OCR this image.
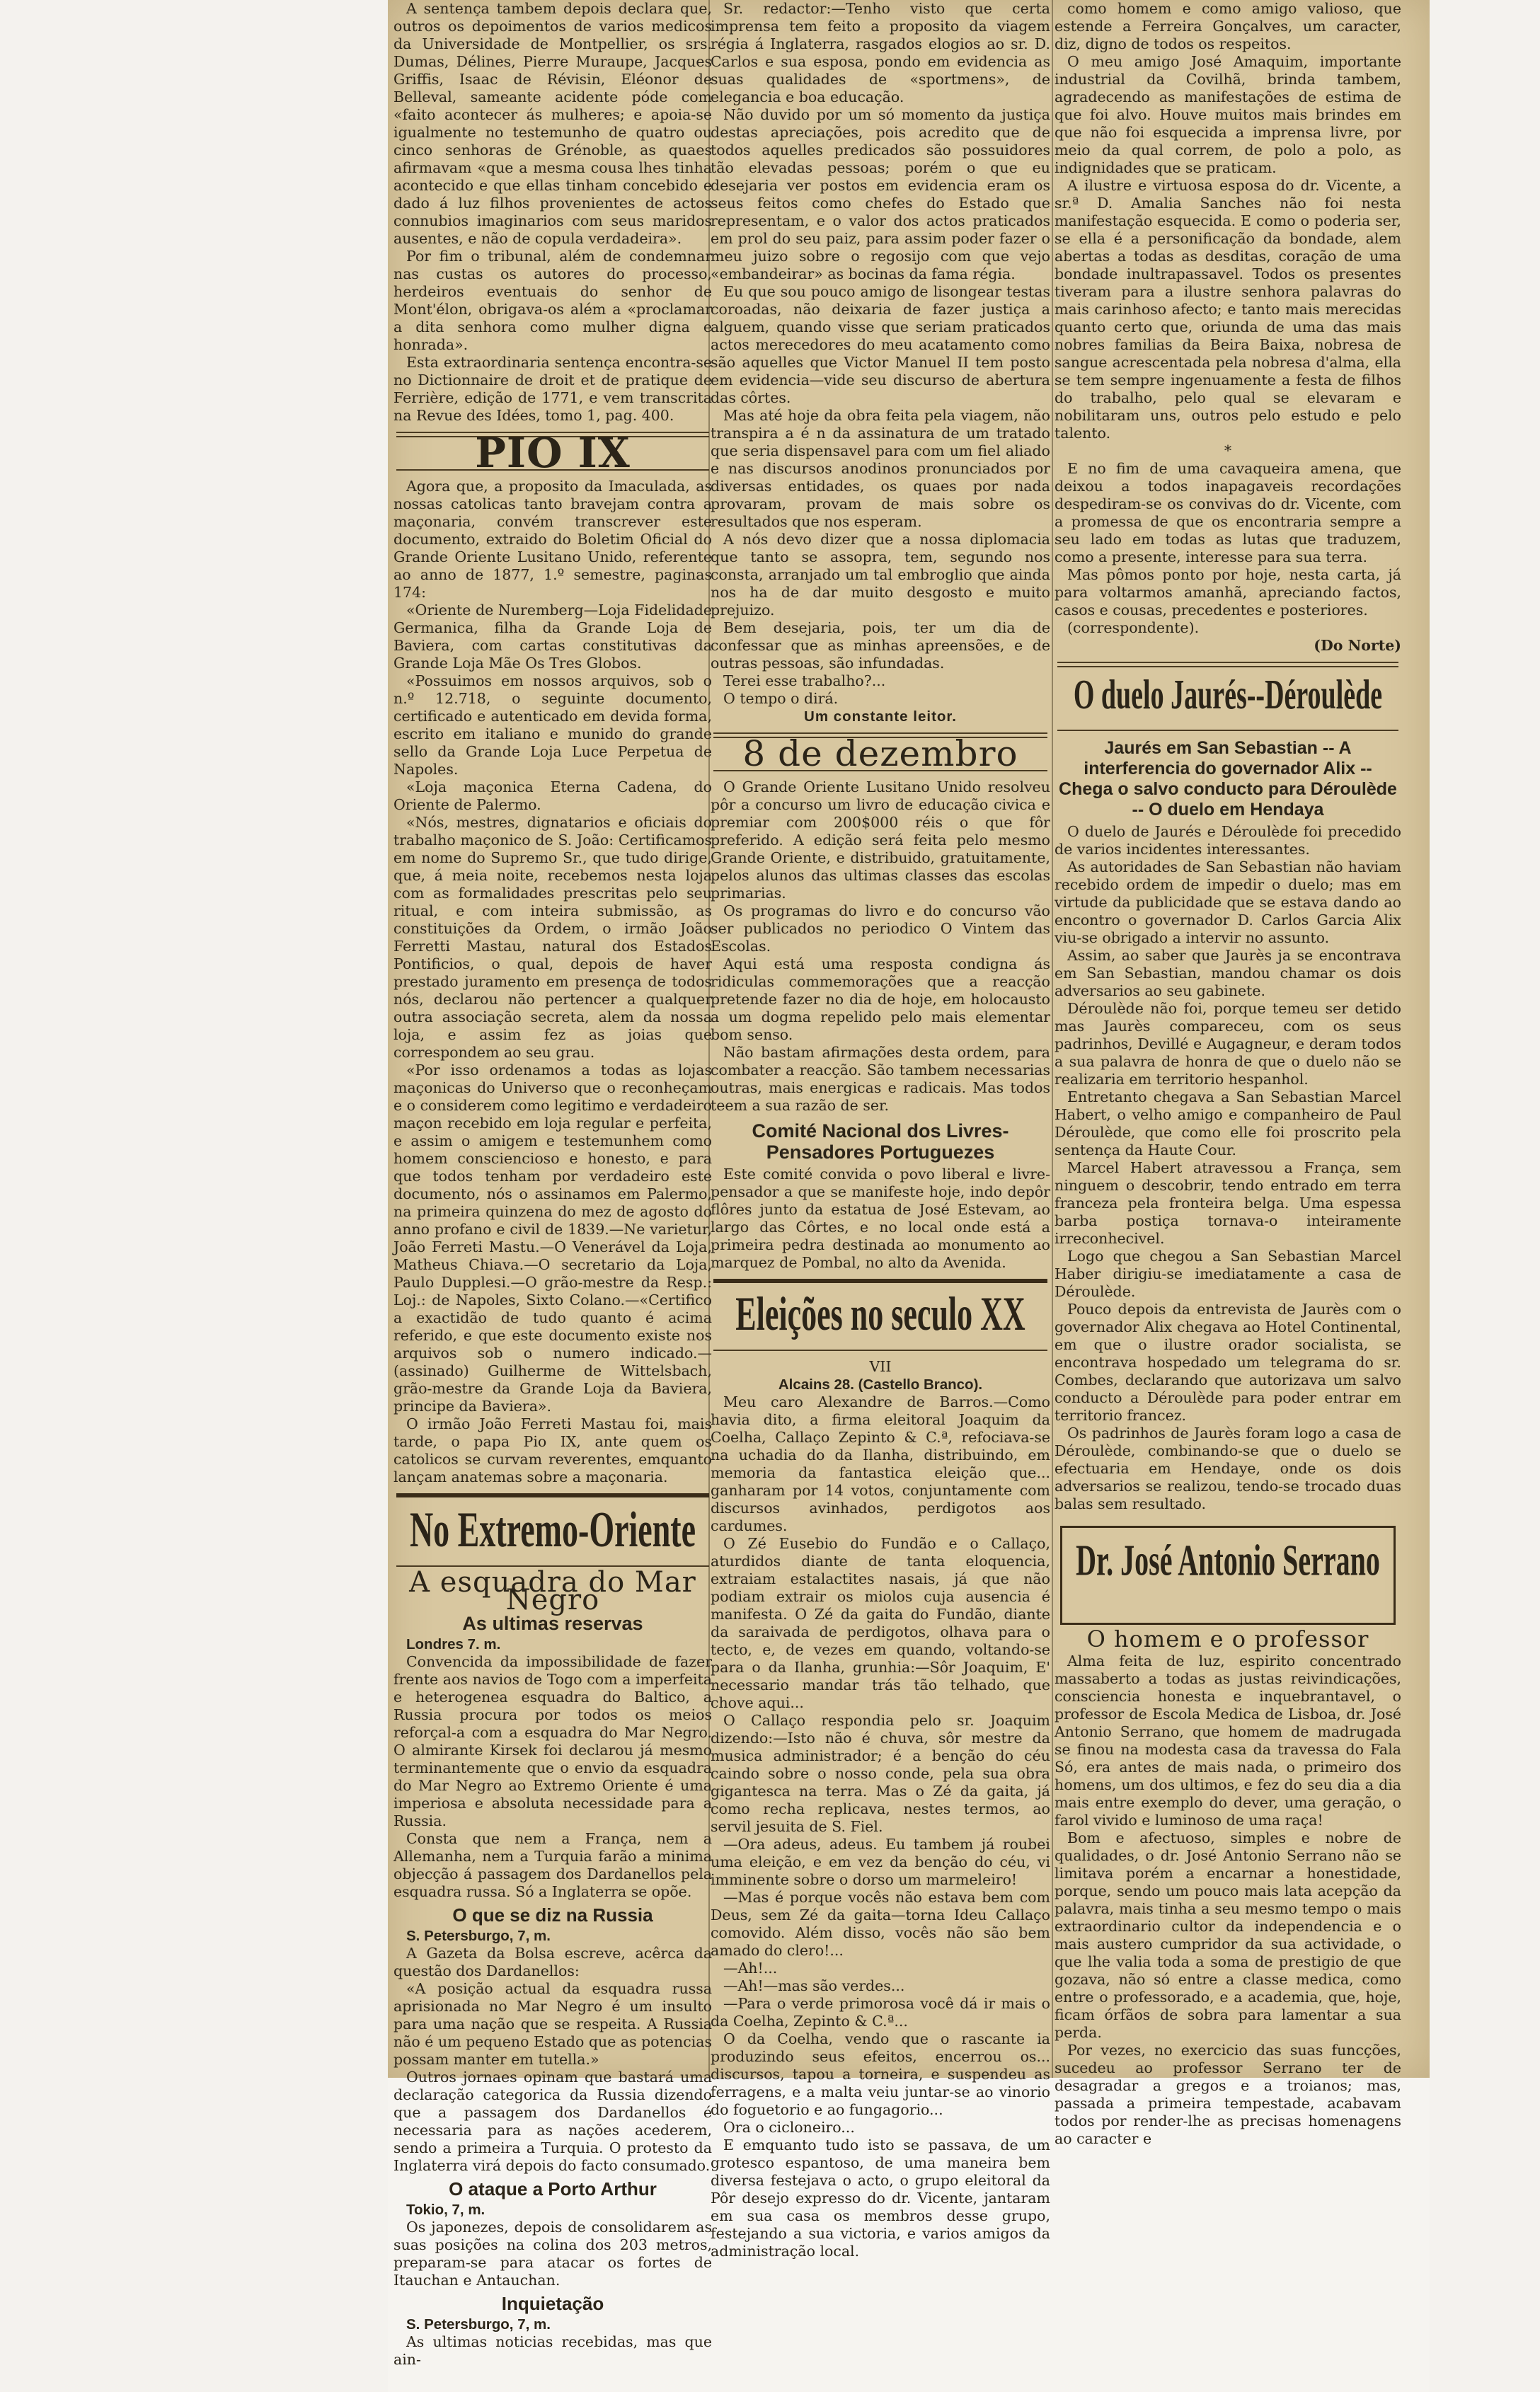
A sentença tambem depois declara que, outros os depoimentos de varios medicos da Universidade de Montpellier, os srs. Dumas, Délines, Pierre Muraupe, Jacques Griffis, Isaac de Révisin, Eléonor de Belleval, sameante acidente póde com «faito acontecer ás mulheres; e apoia-se igualmente no testemunho de quatro ou cinco senhoras de Grénoble, as quaes afirmavam «que a mesma cousa lhes tinha acontecido e que ellas tinham concebido e dado á luz filhos provenientes de actos connubios imaginarios com seus maridos ausentes, e não de copula verdadeira».

Por fim o tribunal, além de condemnar nas custas os autores do processo, herdeiros eventuais do senhor de Mont'élon, obrigava-os além a «proclamar a dita senhora como mulher digna e honrada».

Esta extraordinaria sentença encontra-se no Dictionnaire de droit et de pratique de Ferrière, edição de 1771, e vem transcrita na Revue des Idées, tomo 1, pag. 400.

PIO IX

Agora que, a proposito da Imaculada, as nossas catolicas tanto bravejam contra a maçonaria, convém transcrever este documento, extraido do Boletim Oficial do Grande Oriente Lusitano Unido, referente ao anno de 1877, 1.º semestre, paginas 174:

«Oriente de Nuremberg—Loja Fidelidade Germanica, filha da Grande Loja de Baviera, com cartas constitutivas da Grande Loja Mãe Os Tres Globos.

«Possuimos em nossos arquivos, sob o n.º 12.718, o seguinte documento, certificado e autenticado em devida forma, escrito em italiano e munido do grande sello da Grande Loja Luce Perpetua de Napoles.

«Loja maçonica Eterna Cadena, do Oriente de Palermo.

«Nós, mestres, dignatarios e oficiais do trabalho maçonico de S. João: Certificamos em nome do Supremo Sr., que tudo dirige, que, á meia noite, recebemos nesta loja com as formalidades prescritas pelo seu ritual, e com inteira submissão, as constituições da Ordem, o irmão João Ferretti Mastau, natural dos Estados Pontificios, o qual, depois de haver prestado juramento em presença de todos nós, declarou não pertencer a qualquer outra associação secreta, alem da nossa loja, e assim fez as joias que correspondem ao seu grau.

«Por isso ordenamos a todas as lojas maçonicas do Universo que o reconheçam e o considerem como legitimo e verdadeiro maçon recebido em loja regular e perfeita, e assim o amigem e testemunhem como homem consciencioso e honesto, e para que todos tenham por verdadeiro este documento, nós o assinamos em Palermo, na primeira quinzena do mez de agosto do anno profano e civil de 1839.—Ne varietur, João Ferreti Mastu.—O Venerável da Loja, Matheus Chiava.—O secretario da Loja, Paulo Dupplesi.—O grão-mestre da Resp.: Loj.: de Napoles, Sixto Colano.—«Certifico a exactidão de tudo quanto é acima referido, e que este documento existe nos arquivos sob o numero indicado.—(assinado) Guilherme de Wittelsbach, grão-mestre da Grande Loja da Baviera, principe da Baviera».

O irmão João Ferreti Mastau foi, mais tarde, o papa Pio IX, ante quem os catolicos se curvam reverentes, emquanto lançam anatemas sobre a maçonaria.

No Extremo-Oriente
A esquadra do Mar Negro
As ultimas reservas

Londres 7. m.

Convencida da impossibilidade de fazer frente aos navios de Togo com a imperfeita e heterogenea esquadra do Baltico, a Russia procura por todos os meios reforçal-a com a esquadra do Mar Negro. O almirante Kirsek foi declarou já mesmo terminantemente que o envio da esquadra do Mar Negro ao Extremo Oriente é uma imperiosa e absoluta necessidade para a Russia.

Consta que nem a França, nem a Allemanha, nem a Turquia farão a minima objecção á passagem dos Dardanellos pela esquadra russa. Só a Inglaterra se opõe.

O que se diz na Russia

S. Petersburgo, 7, m.

A Gazeta da Bolsa escreve, acêrca da questão dos Dardanellos:

«A posição actual da esquadra russa aprisionada no Mar Negro é um insulto para uma nação que se respeita. A Russia não é um pequeno Estado que as potencias possam manter em tutella.»

Outros jornaes opinam que bastará uma declaração categorica da Russia dizendo que a passagem dos Dardanellos é necessaria para as nações acederem, sendo a primeira a Turquia. O protesto da Inglaterra virá depois do facto consumado.

O ataque a Porto Arthur

Tokio, 7, m.

Os japonezes, depois de consolidarem as suas posições na colina dos 203 metros, preparam-se para atacar os fortes de Itauchan e Antauchan.

Inquietação

S. Petersburgo, 7, m.

As ultimas noticias recebidas, mas que ain-

Sr. redactor:—Tenho visto que certa imprensa tem feito a proposito da viagem régia á Inglaterra, rasgados elogios ao sr. D. Carlos e sua esposa, pondo em evidencia as suas qualidades de «sportmens», de elegancia e boa educação.

Não duvido por um só momento da justiça destas apreciações, pois acredito que de todos aquelles predicados são possuidores tão elevadas pessoas; porém o que eu desejaria ver postos em evidencia eram os seus feitos como chefes do Estado que representam, e o valor dos actos praticados em prol do seu paiz, para assim poder fazer o meu juizo sobre o regosijo com que vejo «embandeirar» as bocinas da fama régia.

Eu que sou pouco amigo de lisongear testas coroadas, não deixaria de fazer justiça a alguem, quando visse que seriam praticados actos merecedores do meu acatamento como são aquelles que Victor Manuel II tem posto em evidencia—vide seu discurso de abertura das côrtes.

Mas até hoje da obra feita pela viagem, não transpira a é n da assinatura de um tratado que seria dispensavel para com um fiel aliado e nas discursos anodinos pronunciados por diversas entidades, os quaes por nada provaram, provam de mais sobre os resultados que nos esperam.

A nós devo dizer que a nossa diplomacia que tanto se assopra, tem, segundo nos consta, arranjado um tal embroglio que ainda nos ha de dar muito desgosto e muito prejuizo.

Bem desejaria, pois, ter um dia de confessar que as minhas apreensões, e de outras pessoas, são infundadas.

Terei esse trabalho?...

O tempo o dirá.

Um constante leitor.

8 de dezembro

O Grande Oriente Lusitano Unido resolveu pôr a concurso um livro de educação civica e premiar com 200$000 réis o que fôr preferido. A edição será feita pelo mesmo Grande Oriente, e distribuido, gratuitamente, pelos alunos das ultimas classes das escolas primarias.

Os programas do livro e do concurso vão ser publicados no periodico O Vintem das Escolas.

Aqui está uma resposta condigna ás ridiculas commemorações que a reacção pretende fazer no dia de hoje, em holocausto a um dogma repelido pelo mais elementar bom senso.

Não bastam afirmações desta ordem, para combater a reacção. São tambem necessarias outras, mais energicas e radicais. Mas todos teem a sua razão de ser.

Comité Nacional dos Livres-Pensadores Portuguezes

Este comité convida o povo liberal e livre-pensador a que se manifeste hoje, indo depôr flôres junto da estatua de José Estevam, ao largo das Côrtes, e no local onde está a primeira pedra destinada ao monumento ao marquez de Pombal, no alto da Avenida.

Eleições no seculo XX

VII

Alcains 28. (Castello Branco).

Meu caro Alexandre de Barros.—Como havia dito, a firma eleitoral Joaquim da Coelha, Callaço Zepinto & C.ª, refociava-se na uchadia do da Ilanha, distribuindo, em memoria da fantastica eleição que... ganharam por 14 votos, conjuntamente com discursos avinhados, perdigotos aos cardumes.

O Zé Eusebio do Fundão e o Callaço, aturdidos diante de tanta eloquencia, extraiam estalactites nasais, já que não podiam extrair os miolos cuja ausencia é manifesta. O Zé da gaita do Fundão, diante da saraivada de perdigotos, olhava para o tecto, e, de vezes em quando, voltando-se para o da Ilanha, grunhia:—Sôr Joaquim, E' necessario mandar trás tão telhado, que chove aqui...

O Callaço respondia pelo sr. Joaquim dizendo:—Isto não é chuva, sôr mestre da musica administrador; é a benção do céu caindo sobre o nosso conde, pela sua obra gigantesca na terra. Mas o Zé da gaita, já como recha replicava, nestes termos, ao servil jesuita de S. Fiel.

—Ora adeus, adeus. Eu tambem já roubei uma eleição, e em vez da benção do céu, vi imminente sobre o dorso um marmeleiro!

—Mas é porque vocês não estava bem com Deus, sem Zé da gaita—torna Ideu Callaço comovido. Além disso, vocês não são bem amado do clero!...

—Ah!...

—Ah!—mas são verdes...

—Para o verde primorosa você dá ir mais o da Coelha, Zepinto & C.ª...

O da Coelha, vendo que o rascante ia produzindo seus efeitos, encerrou os... discursos, tapou a torneira, e suspendeu as ferragens, e a malta veiu juntar-se ao vinorio do foguetorio e ao fungagorio...

Ora o cicloneiro...

E emquanto tudo isto se passava, de um grotesco espantoso, de uma maneira bem diversa festejava o acto, o grupo eleitoral da Pôr desejo expresso do dr. Vicente, jantaram em sua casa os membros desse grupo, festejando a sua victoria, e varios amigos da administração local.

como homem e como amigo valioso, que estende a Ferreira Gonçalves, um caracter, diz, digno de todos os respeitos.

O meu amigo José Amaquim, importante industrial da Covilhã, brinda tambem, agradecendo as manifestações de estima de que foi alvo. Houve muitos mais brindes em que não foi esquecida a imprensa livre, por meio da qual correm, de polo a polo, as indignidades que se praticam.

A ilustre e virtuosa esposa do dr. Vicente, a sr.ª D. Amalia Sanches não foi nesta manifestação esquecida. E como o poderia ser, se ella é a personificação da bondade, alem abertas a todas as desditas, coração de uma bondade inultrapassavel. Todos os presentes tiveram para a ilustre senhora palavras do mais carinhoso afecto; e tanto mais merecidas quanto certo que, oriunda de uma das mais nobres familias da Beira Baixa, nobresa de sangue acrescentada pela nobresa d'alma, ella se tem sempre ingenuamente a festa de filhos do trabalho, pelo qual se elevaram e nobilitaram uns, outros pelo estudo e pelo talento.

*

E no fim de uma cavaqueira amena, que deixou a todos inapagaveis recordações despediram-se os convivas do dr. Vicente, com a promessa de que os encontraria sempre a seu lado em todas as lutas que traduzem, como a presente, interesse para sua terra.

Mas pômos ponto por hoje, nesta carta, já para voltarmos amanhã, apreciando factos, casos e cousas, precedentes e posteriores.

(correspondente).

(Do Norte)

O duelo Jaurés--Déroulède
Jaurés em San Sebastian -- A interferencia do governador Alix -- Chega o salvo conducto para Déroulède -- O duelo em Hendaya

O duelo de Jaurés e Déroulède foi precedido de varios incidentes interessantes.

As autoridades de San Sebastian não haviam recebido ordem de impedir o duelo; mas em virtude da publicidade que se estava dando ao encontro o governador D. Carlos Garcia Alix viu-se obrigado a intervir no assunto.

Assim, ao saber que Jaurès ja se encontrava em San Sebastian, mandou chamar os dois adversarios ao seu gabinete.

Déroulède não foi, porque temeu ser detido mas Jaurès compareceu, com os seus padrinhos, Devillé e Augagneur, e deram todos a sua palavra de honra de que o duelo não se realizaria em territorio hespanhol.

Entretanto chegava a San Sebastian Marcel Habert, o velho amigo e companheiro de Paul Déroulède, que como elle foi proscrito pela sentença da Haute Cour.

Marcel Habert atravessou a França, sem ninguem o descobrir, tendo entrado em terra franceza pela fronteira belga. Uma espessa barba postiça tornava-o inteiramente irreconhecivel.

Logo que chegou a San Sebastian Marcel Haber dirigiu-se imediatamente a casa de Déroulède.

Pouco depois da entrevista de Jaurès com o governador Alix chegava ao Hotel Continental, em que o ilustre orador socialista, se encontrava hospedado um telegrama do sr. Combes, declarando que autorizava um salvo conducto a Déroulède para poder entrar em territorio francez.

Os padrinhos de Jaurès foram logo a casa de Déroulède, combinando-se que o duelo se efectuaria em Hendaye, onde os dois adversarios se realizou, tendo-se trocado duas balas sem resultado.

Dr. José Antonio Serrano
O homem e o professor

Alma feita de luz, espirito concentrado massaberto a todas as justas reivindicações, consciencia honesta e inquebrantavel, o professor de Escola Medica de Lisboa, dr. José Antonio Serrano, que homem de madrugada se finou na modesta casa da travessa do Fala Só, era antes de mais nada, o primeiro dos homens, um dos ultimos, e fez do seu dia a dia mais entre exemplo do dever, uma geração, o farol vivido e luminoso de uma raça!

Bom e afectuoso, simples e nobre de qualidades, o dr. José Antonio Serrano não se limitava porém a encarnar a honestidade, porque, sendo um pouco mais lata acepção da palavra, mais tinha a seu mesmo tempo o mais extraordinario cultor da independencia e o mais austero cumpridor da sua actividade, o que lhe valia toda a soma de prestigio de que gozava, não só entre a classe medica, como entre o professorado, e a academia, que, hoje, ficam órfãos de sobra para lamentar a sua perda.

Por vezes, no exercicio das suas funcções, sucedeu ao professor Serrano ter de desagradar a gregos e a troianos; mas, passada a primeira tempestade, acabavam todos por render-lhe as precisas homenagens ao caracter e
